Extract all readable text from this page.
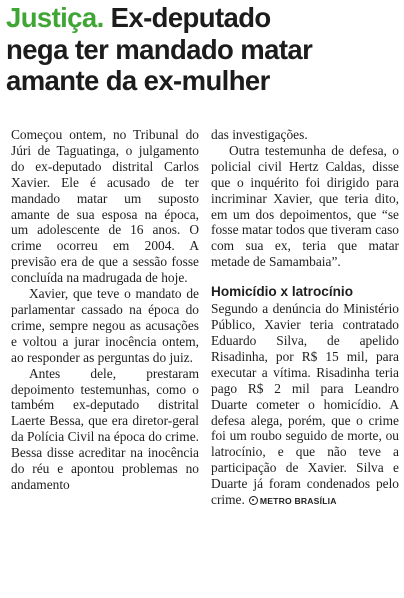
Justiça. Ex-deputado
nega ter mandado matar
amante da ex-mulher

Começou ontem, no Tribunal do Júri de Taguatinga, o julgamento do ex-deputado distrital Carlos Xavier. Ele é acusado de ter mandado matar um suposto amante de sua esposa na época, um adolescente de 16 anos. O crime ocorreu em 2004. A previsão era de que a sessão fosse concluída na madrugada de hoje.

Xavier, que teve o mandato de parlamentar cassado na época do crime, sempre negou as acusações e voltou a jurar inocência ontem, ao responder as perguntas do juiz.

Antes dele, prestaram depoimento testemunhas, como o também ex-deputado distrital Laerte Bessa, que era diretor-geral da Polícia Civil na época do crime. Bessa disse acreditar na inocência do réu e apontou problemas no andamento

das investigações.

Outra testemunha de defesa, o policial civil Hertz Caldas, disse que o inquérito foi dirigido para incriminar Xavier, que teria dito, em um dos depoimentos, que “se fosse matar todos que tiveram caso com sua ex, teria que matar metade de Samambaia”.

Homicídio x latrocínio

Segundo a denúncia do Ministério Público, Xavier teria contratado Eduardo Silva, de apelido Risadinha, por R$ 15 mil, para executar a vítima. Risadinha teria pago R$ 2 mil para Leandro Duarte cometer o homicídio. A defesa alega, porém, que o crime foi um roubo seguido de morte, ou latrocínio, e que não teve a participação de Xavier. Silva e Duarte já foram condenados pelo crime. METRO BRASÍLIA
